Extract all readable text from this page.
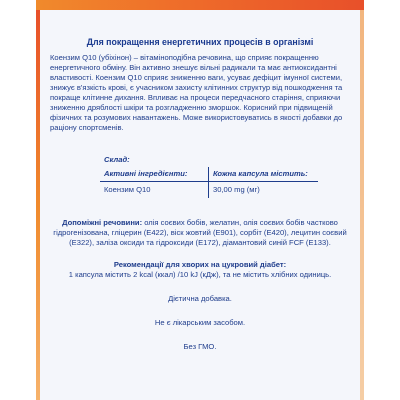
Для покращення енергетичних процесів в організмі
Коензим Q10 (убіхінон) – вітаміноподібна речовина, що сприяє покращенню енергетичного обміну. Він активно знешує вільні радикали та має антиоксидантні властивості. Коензим Q10 сприяє зниженню ваги, усуває дефіцит імунної системи, знижує в'язкість крові, є учасником захисту клітинних структур від пошкодження та покраще клітинне дихання. Впливає на процеси передчасного старіння, сприяючи зниженню дряблості шкіри та розгладженню зморшок. Корисний при підвищеній фізичних та розумових навантажень. Може використовуватись в якості добавки до раціону спортсменів.
Склад:
Активні інгредієнти:	Кожна капсула містить:
Коензим Q10	30,00 mg (мг)
Допоміжні речовини: олія соєвих бобів, желатин, олія соєвих бобів частково гідрогенізована, гліцерин (E422), віск жовтий (E901), сорбіт (E420), лецитин соєвий (E322), заліза оксиди та гідроксиди (E172), діамантовий синій FCF (E133).
Рекомендації для хворих на цукровий діабет:
1 капсула містить 2 kcal (ккал) /10 kJ (кДж), та не містить хлібних одиниць.
Дієтична добавка.
Не є лікарським засобом.
Без ГМО.
